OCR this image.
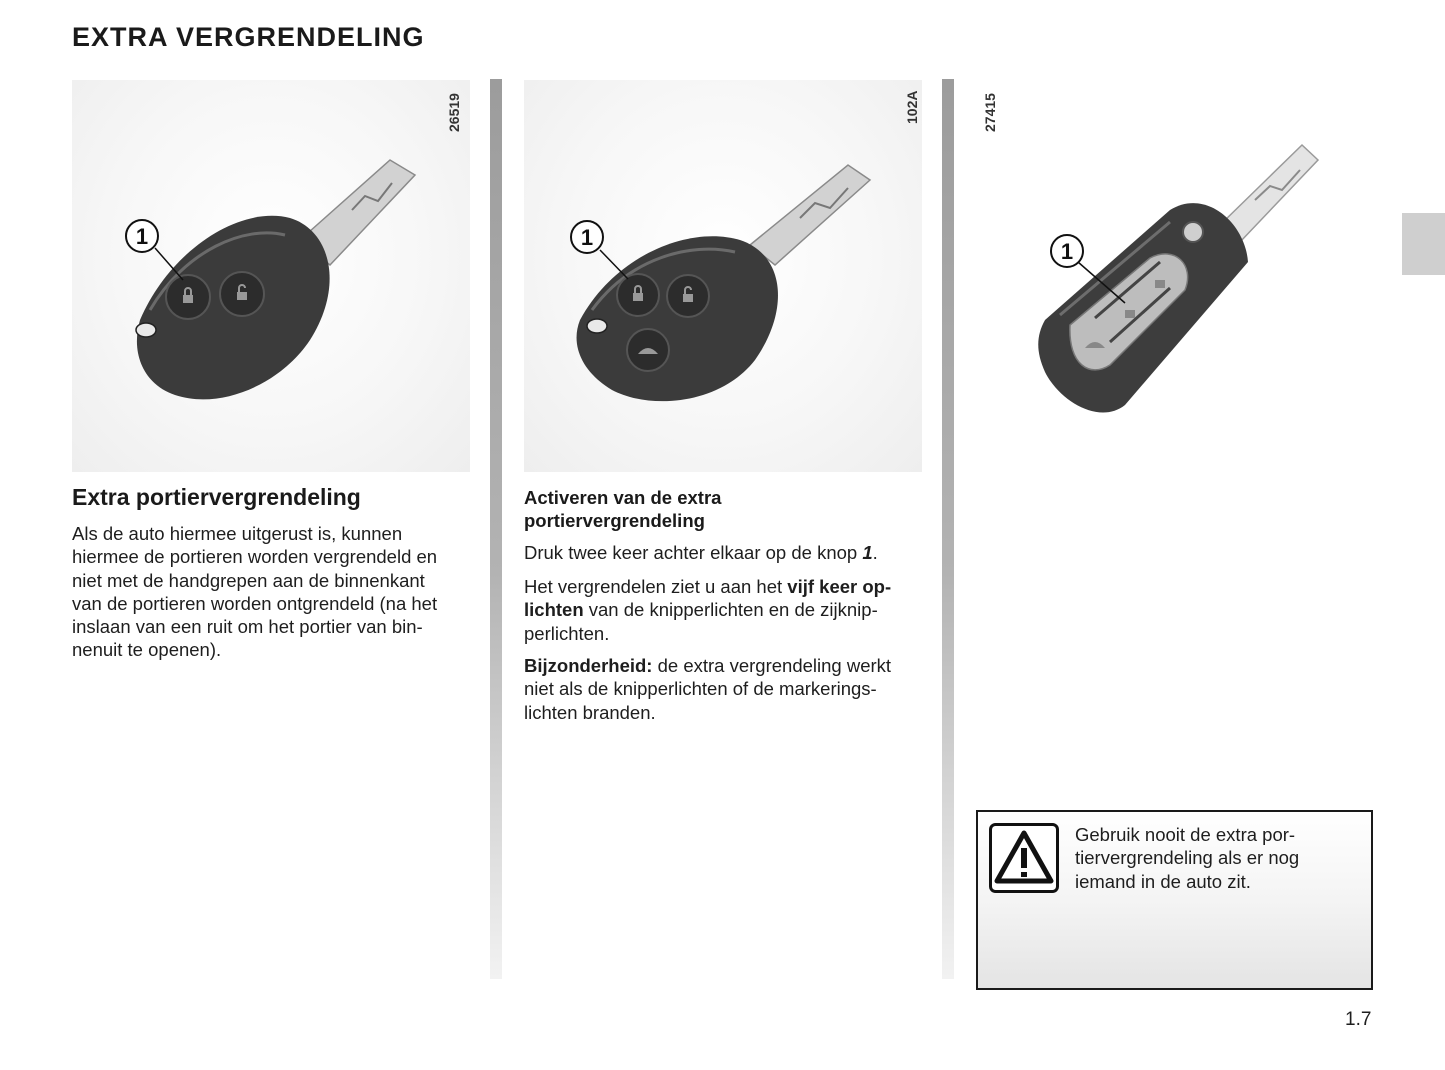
EXTRA VERGRENDELING
1
26519
1
102A
1
27415
Extra portiervergrendeling

Als de auto hiermee uitgerust is, kunnen
hiermee de portieren worden vergrendeld en
niet met de handgrepen aan de binnenkant
van de portieren worden ontgrendeld (na het
inslaan van een ruit om het portier van bin-
nenuit te openen).

Activeren van de extra
portiervergrendeling

Druk twee keer achter elkaar op de knop 1.

Het vergrendelen ziet u aan het vijf keer op-
lichten van de knipperlichten en de zijknip-
perlichten.

Bijzonderheid: de extra vergrendeling werkt
niet als de knipperlichten of de markerings-
lichten branden.

Gebruik nooit de extra por-
tiervergrendeling als er nog
iemand in de auto zit.

1.7
